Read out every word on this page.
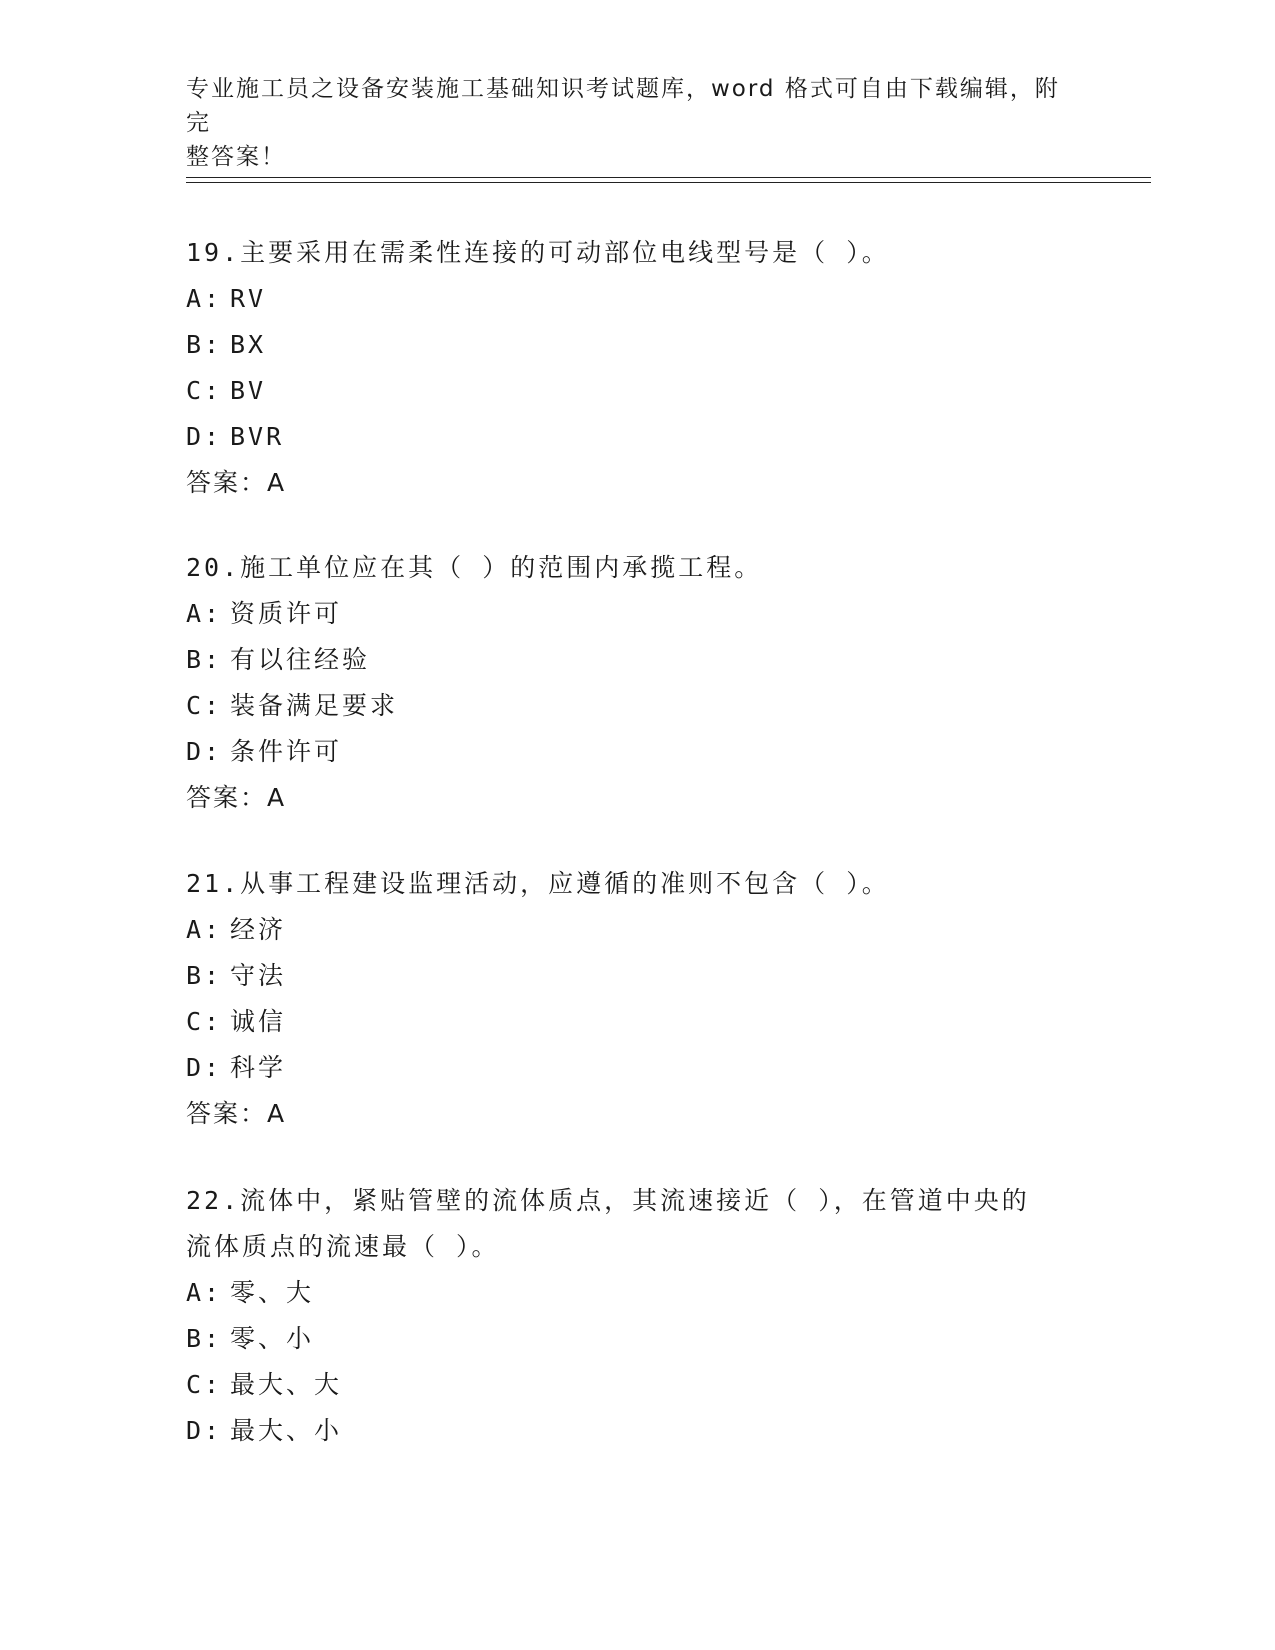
专业施工员之设备安装施工基础知识考试题库，word 格式可自由下载编辑，附完
整答案！

19.主要采用在需柔性连接的可动部位电线型号是（ ）。

A: RV

B: BX

C: BV

D: BVR

答案：A

20.施工单位应在其（ ）的范围内承揽工程。

A: 资质许可

B: 有以往经验

C: 装备满足要求

D: 条件许可

答案：A

21.从事工程建设监理活动，应遵循的准则不包含（ ）。

A: 经济

B: 守法

C: 诚信

D: 科学

答案：A

22.流体中，紧贴管壁的流体质点，其流速接近（ ），在管道中央的

流体质点的流速最（ ）。

A: 零、大

B: 零、小

C: 最大、大

D: 最大、小
